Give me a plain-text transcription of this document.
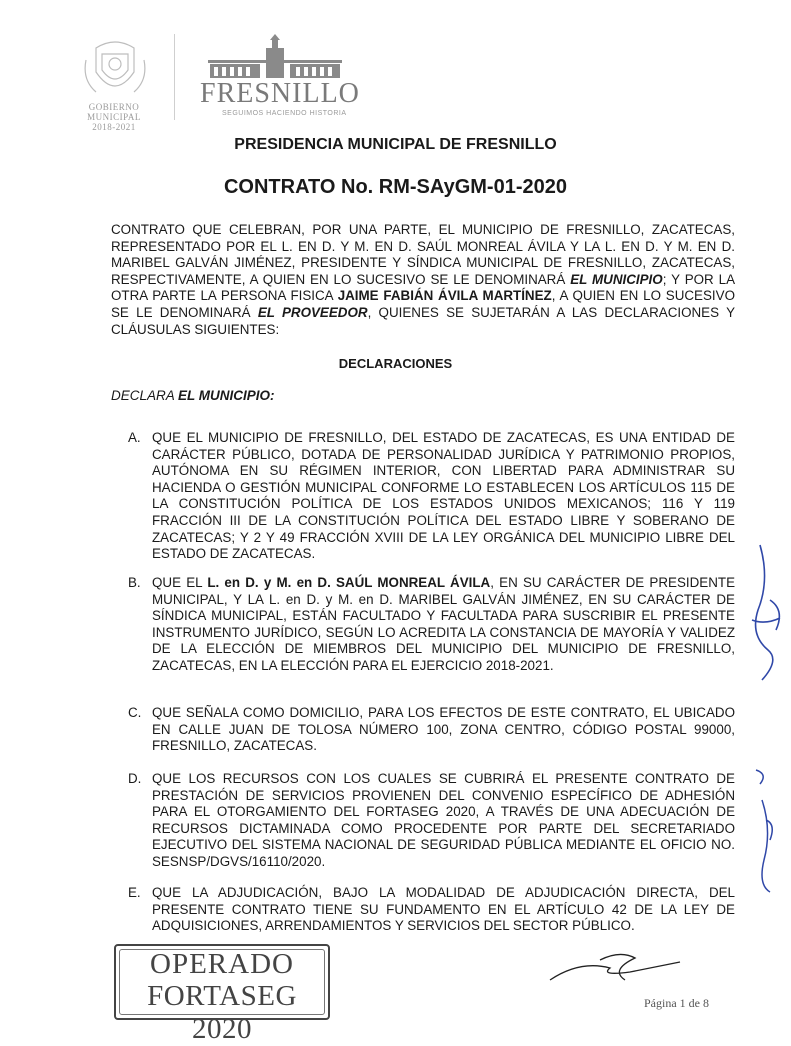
GOBIERNO MUNICIPAL
2018-2021
FRESNILLO
SEGUIMOS HACIENDO HISTORIA
PRESIDENCIA MUNICIPAL DE FRESNILLO
CONTRATO No. RM-SAyGM-01-2020
CONTRATO QUE CELEBRAN, POR UNA PARTE, EL MUNICIPIO DE FRESNILLO, ZACATECAS, REPRESENTADO POR EL L. EN D. Y M. EN D. SAÚL MONREAL ÁVILA Y LA L. EN D. Y M. EN D. MARIBEL GALVÁN JIMÉNEZ, PRESIDENTE Y SÍNDICA MUNICIPAL DE FRESNILLO, ZACATECAS, RESPECTIVAMENTE, A QUIEN EN LO SUCESIVO SE LE DENOMINARÁ EL MUNICIPIO; Y POR LA OTRA PARTE LA PERSONA FISICA JAIME FABIÁN ÁVILA MARTÍNEZ, A QUIEN EN LO SUCESIVO SE LE DENOMINARÁ EL PROVEEDOR, QUIENES SE SUJETARÁN A LAS DECLARACIONES Y CLÁUSULAS SIGUIENTES:
DECLARACIONES
DECLARA EL MUNICIPIO:
A. QUE EL MUNICIPIO DE FRESNILLO, DEL ESTADO DE ZACATECAS, ES UNA ENTIDAD DE CARÁCTER PÚBLICO, DOTADA DE PERSONALIDAD JURÍDICA Y PATRIMONIO PROPIOS, AUTÓNOMA EN SU RÉGIMEN INTERIOR, CON LIBERTAD PARA ADMINISTRAR SU HACIENDA O GESTIÓN MUNICIPAL CONFORME LO ESTABLECEN LOS ARTÍCULOS 115 DE LA CONSTITUCIÓN POLÍTICA DE LOS ESTADOS UNIDOS MEXICANOS; 116 Y 119 FRACCIÓN III DE LA CONSTITUCIÓN POLÍTICA DEL ESTADO LIBRE Y SOBERANO DE ZACATECAS; Y 2 Y 49 FRACCIÓN XVIII DE LA LEY ORGÁNICA DEL MUNICIPIO LIBRE DEL ESTADO DE ZACATECAS.
B. QUE EL L. en D. y M. en D. SAÚL MONREAL ÁVILA, EN SU CARÁCTER DE PRESIDENTE MUNICIPAL, Y LA L. en D. y M. en D. MARIBEL GALVÁN JIMÉNEZ, EN SU CARÁCTER DE SÍNDICA MUNICIPAL, ESTÁN FACULTADO Y FACULTADA PARA SUSCRIBIR EL PRESENTE INSTRUMENTO JURÍDICO, SEGÚN LO ACREDITA LA CONSTANCIA DE MAYORÍA Y VALIDEZ DE LA ELECCIÓN DE MIEMBROS DEL MUNICIPIO DEL MUNICIPIO DE FRESNILLO, ZACATECAS, EN LA ELECCIÓN PARA EL EJERCICIO 2018-2021.
C. QUE SEÑALA COMO DOMICILIO, PARA LOS EFECTOS DE ESTE CONTRATO, EL UBICADO EN CALLE JUAN DE TOLOSA NÚMERO 100, ZONA CENTRO, CÓDIGO POSTAL 99000, FRESNILLO, ZACATECAS.
D. QUE LOS RECURSOS CON LOS CUALES SE CUBRIRÁ EL PRESENTE CONTRATO DE PRESTACIÓN DE SERVICIOS PROVIENEN DEL CONVENIO ESPECÍFICO DE ADHESIÓN PARA EL OTORGAMIENTO DEL FORTASEG 2020, A TRAVÉS DE UNA ADECUACIÓN DE RECURSOS DICTAMINADA COMO PROCEDENTE POR PARTE DEL SECRETARIADO EJECUTIVO DEL SISTEMA NACIONAL DE SEGURIDAD PÚBLICA MEDIANTE EL OFICIO NO. SESNSP/DGVS/16110/2020.
E. QUE LA ADJUDICACIÓN, BAJO LA MODALIDAD DE ADJUDICACIÓN DIRECTA, DEL PRESENTE CONTRATO TIENE SU FUNDAMENTO EN EL ARTÍCULO 42 DE LA LEY DE ADQUISICIONES, ARRENDAMIENTOS Y SERVICIOS DEL SECTOR PÚBLICO.
OPERADO
FORTASEG 2020
Página 1 de 8
